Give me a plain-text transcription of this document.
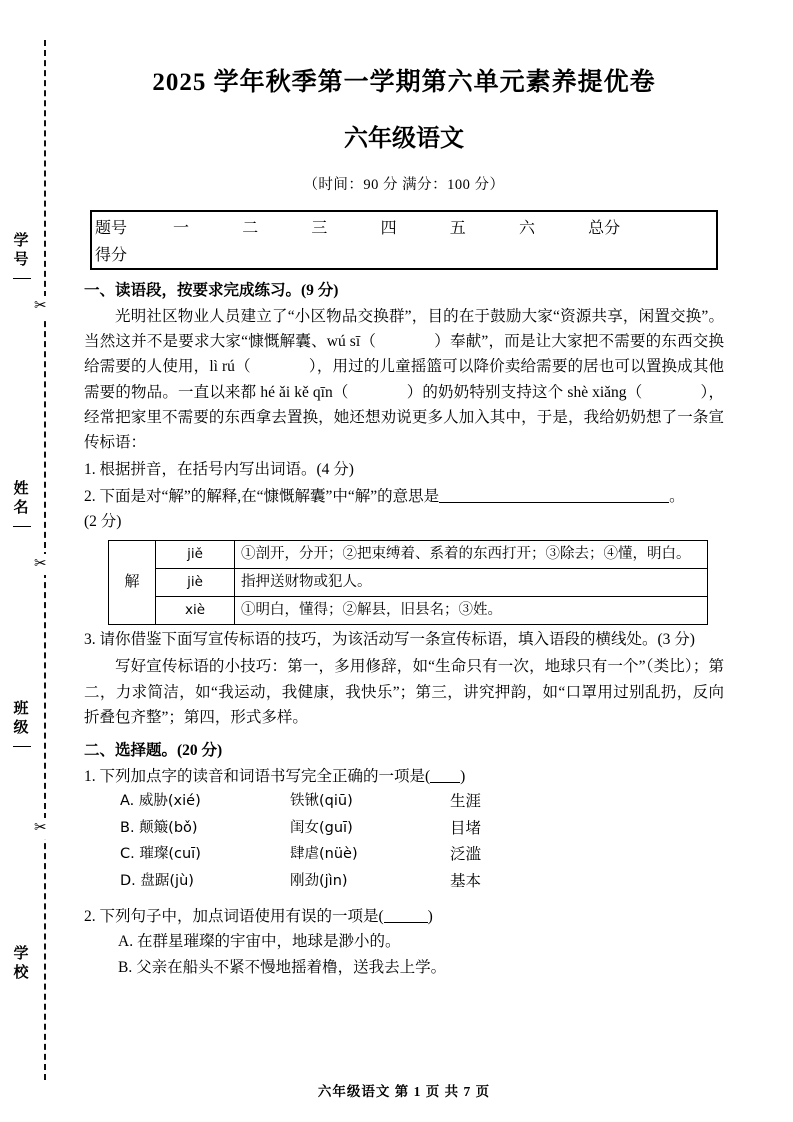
✂
✂
✂
学
号
姓
名
班
级
学
校
2025 学年秋季第一学期第六单元素养提优卷
六年级语文
（时间：90 分 满分：100 分）
题号	一	二	三	四	五	六	总分
得分							
一、读语段，按要求完成练习。(9 分)

光明社区物业人员建立了“小区物品交换群”，目的在于鼓励大家“资源共享，闲置交换”。当然这并不是要求大家“慷慨解囊、wú sī（	）奉献”，而是让大家把不需要的东西交换给需要的人使用，lì rú（	），用过的儿童摇篮可以降价卖给需要的居也可以置换成其他需要的物品。一直以来都 hé ǎi kě qīn（	）的奶奶特别支持这个 shè xiǎng（	），经常把家里不需要的东西拿去置换，她还想劝说更多人加入其中，于是，我给奶奶想了一条宣传标语：

1. 根据拼音，在括号内写出词语。(4 分)
2. 下面是对“解”的解释,在“慷慨解囊”中“解”的意思是	。
(2 分)
解	jiě	①剖开，分开；②把束缚着、系着的东西打开；③除去；④懂，明白。
	jiè	指押送财物或犯人。
	xiè	①明白，懂得；②解县，旧县名；③姓。
3. 请你借鉴下面写宣传标语的技巧，为该活动写一条宣传标语，填入语段的横线处。(3 分)

写好宣传标语的小技巧：第一，多用修辞，如“生命只有一次，地球只有一个”（类比）；第二，力求简洁，如“我运动，我健康，我快乐”；第三，讲究押韵，如“口罩用过别乱扔，反向折叠包齐整”；第四，形式多样。

二、选择题。(20 分)
1. 下列加点字的读音和词语书写完全正确的一项是( )
A. 威胁(xié)	铁锹(qiū)	生涯
B. 颠簸(bǒ)	闺女(guī)	目堵
C. 璀璨(cuī)	肆虐(nüè)	泛滥
D. 盘踞(jù)	刚劲(jìn)	基本
2. 下列句子中，加点词语使用有误的一项是(	)
A. 在群星璀璨的宇宙中，地球是渺小的。
B. 父亲在船头不紧不慢地摇着橹，送我去上学。
六年级语文 第 1 页 共 7 页
